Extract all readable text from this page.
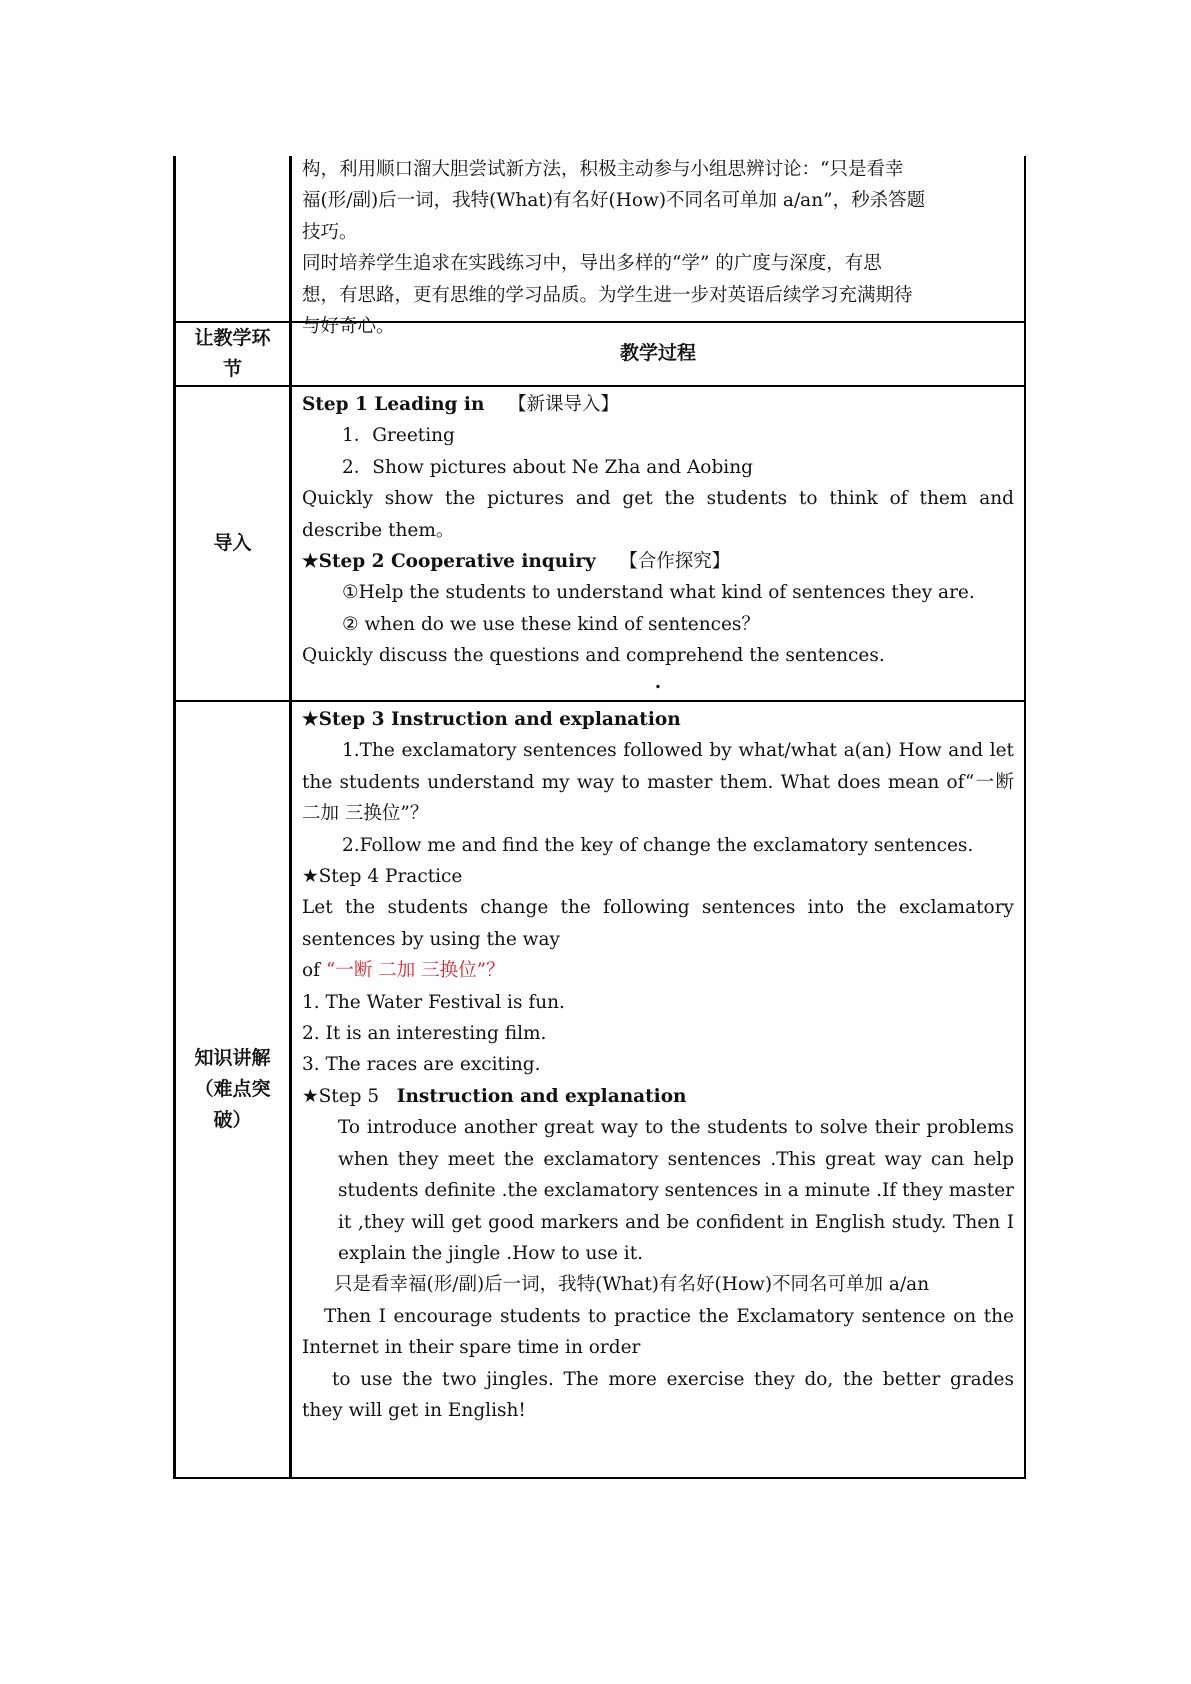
构，利用顺口溜大胆尝试新方法，积极主动参与小组思辨讨论：“只是看幸
福(形/副)后一词，我特(What)有名好(How)不同名可单加 a/an”，秒杀答题
技巧。
同时培养学生追求在实践练习中，导出多样的“学” 的广度与深度，有思
想，有思路，更有思维的学习品质。为学生进一步对英语后续学习充满期待
与好奇心。
让教学环节
教学过程
导入
Step 1 Leading in 【新课导入】
1．Greeting
2．Show pictures about Ne Zha and Aobing
Quickly show the pictures and get the students to think of them and describe them。
★Step 2 Cooperative inquiry 【合作探究】
①Help the students to understand what kind of sentences they are.
② when do we use these kind of sentences？
Quickly discuss the questions and comprehend the sentences.
.
知识讲解（难点突破）
★Step 3 Instruction and explanation
1.The exclamatory sentences followed by what/what a(an) How and let the students understand my way to master them. What does mean of“一断 二加 三换位”？
2.Follow me and find the key of change the exclamatory sentences.
★Step 4 Practice
Let the students change the following sentences into the exclamatory sentences by using the way
of “一断 二加 三换位”？
1. The Water Festival is fun.
2. It is an interesting film.
3. The races are exciting.
★Step 5 Instruction and explanation
To introduce another great way to the students to solve their problems when they meet the exclamatory sentences .This great way can help students definite .the exclamatory sentences in a minute .If they master it ,they will get good markers and be confident in English study. Then I explain the jingle .How to use it.
只是看幸福(形/副)后一词，我特(What)有名好(How)不同名可单加 a/an
Then I encourage students to practice the Exclamatory sentence on the Internet in their spare time in order
to use the two jingles. The more exercise they do, the better grades they will get in English!
